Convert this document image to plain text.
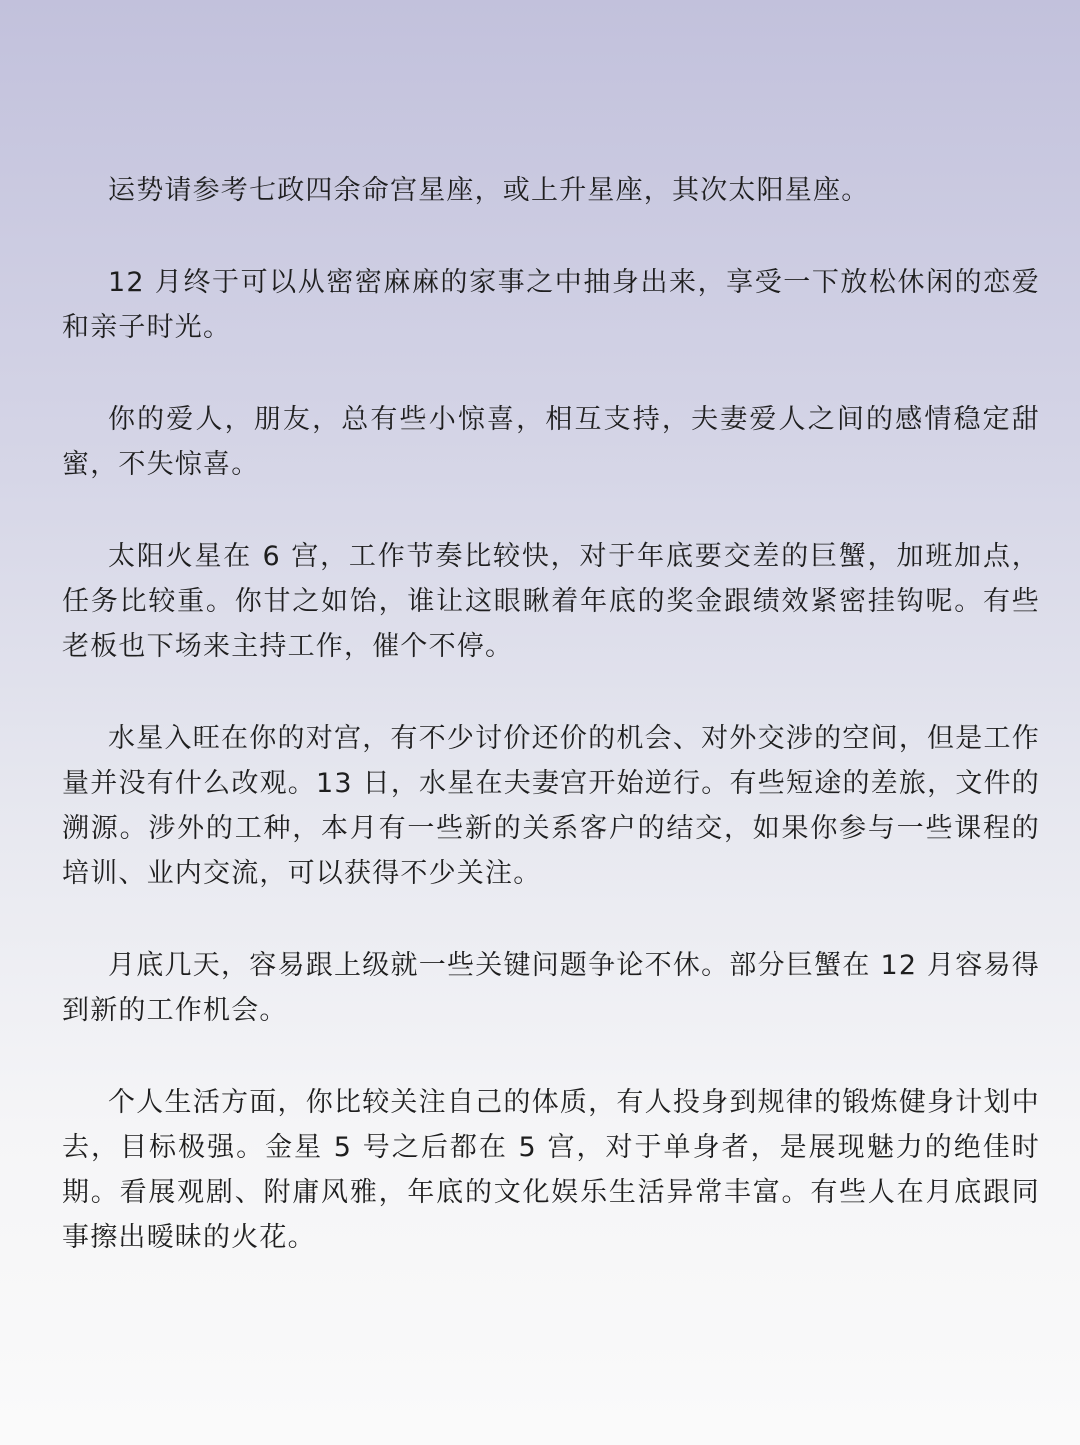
运势请参考七政四余命宫星座，或上升星座，其次太阳星座。

12 月终于可以从密密麻麻的家事之中抽身出来，享受一下放松休闲的恋爱和亲子时光。

你的爱人，朋友，总有些小惊喜，相互支持，夫妻爱人之间的感情稳定甜蜜，不失惊喜。

太阳火星在 6 宫，工作节奏比较快，对于年底要交差的巨蟹，加班加点，任务比较重。你甘之如饴，谁让这眼瞅着年底的奖金跟绩效紧密挂钩呢。有些老板也下场来主持工作，催个不停。

水星入旺在你的对宫，有不少讨价还价的机会、对外交涉的空间，但是工作量并没有什么改观。13 日，水星在夫妻宫开始逆行。有些短途的差旅，文件的溯源。涉外的工种，本月有一些新的关系客户的结交，如果你参与一些课程的培训、业内交流，可以获得不少关注。

月底几天，容易跟上级就一些关键问题争论不休。部分巨蟹在 12 月容易得到新的工作机会。

个人生活方面，你比较关注自己的体质，有人投身到规律的锻炼健身计划中去，目标极强。金星 5 号之后都在 5 宫，对于单身者，是展现魅力的绝佳时期。看展观剧、附庸风雅，年底的文化娱乐生活异常丰富。有些人在月底跟同事擦出暧昧的火花。
